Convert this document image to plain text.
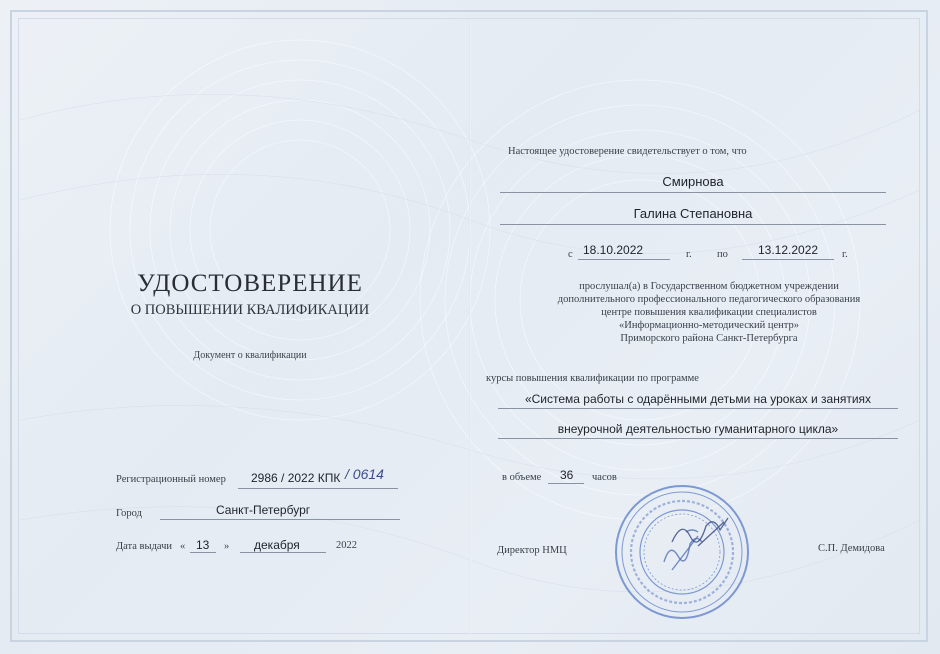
УДОСТОВЕРЕНИЕ
О ПОВЫШЕНИИ КВАЛИФИКАЦИИ
Документ о квалификации
Регистрационный номер 2986 / 2022 КПК / 0614
Город	Санкт-Петербург
Дата выдачи « 13 » декабря	2022
Настоящее удостоверение свидетельствует о том, что
Смирнова
Галина Степановна
с 18.10.2022	г. по	13.12.2022 г.
прослушал(а) в Государственном бюджетном учреждении
дополнительного профессионального педагогического образования
центре повышения квалификации специалистов
«Информационно-методический центр»
Приморского района Санкт-Петербурга
курсы повышения квалификации по программе
«Система работы с одарёнными детьми на уроках и занятиях
внеурочной деятельностью гуманитарного цикла»
в объеме 36 часов
Директор НМЦ	С.П. Демидова
